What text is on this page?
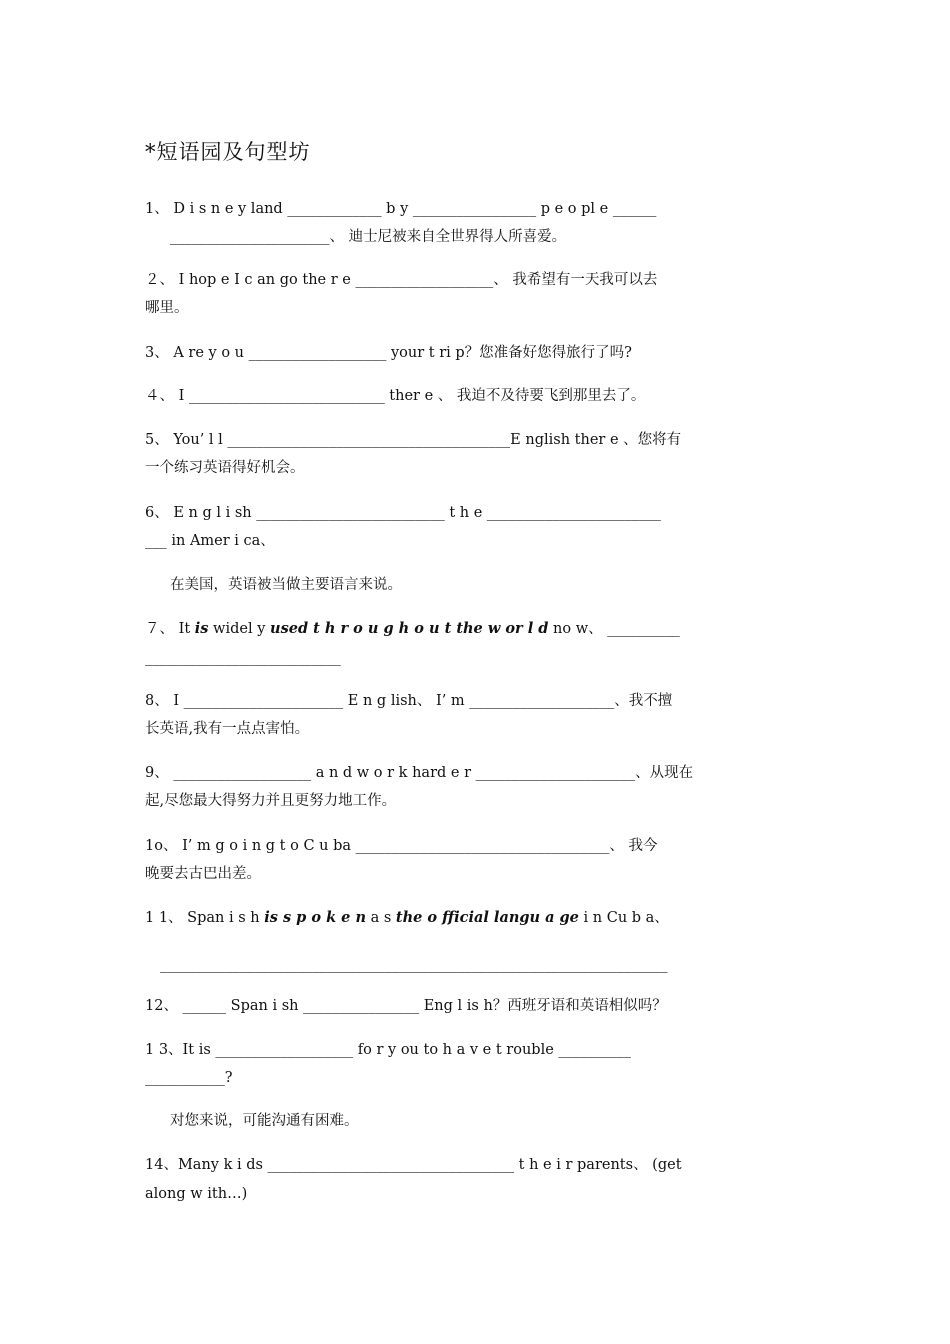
*短语园及句型坊
1、 D i s n e y land _____________ b y _________________ p e o pl e ______
______________________、 迪士尼被来自全世界得人所喜爱。
２、 I hop e I c an go the r e ___________________、 我希望有一天我可以去
哪里。
3、 A re y o u ___________________ your t ri p？您准备好您得旅行了吗?
４、 I ___________________________ ther e 、 我迫不及待要飞到那里去了。
5、 You’ l l _______________________________________E nglish ther e 、您将有
一个练习英语得好机会。
6、 E n g l i sh __________________________ t h e ________________________
___ in Amer i ca、
在美国，英语被当做主要语言来说。
７、 It is widel y used t h r o u g h o u t the w or l d no w、 __________
___________________________
8、 I ______________________ E n g lish、 I’ m ____________________、我不擅
长英语,我有一点点害怕。
9、 ___________________ a n d w o r k hard e r ______________________、从现在
起,尽您最大得努力并且更努力地工作。
1o、 I’ m g o i n g t o C u ba ___________________________________、 我今
晚要去古巴出差。
1 1、 Span i s h is s p o k e n a s the o fficial langu a ge i n Cu b a、
______________________________________________________________________
12、 ______ Span i sh ________________ Eng l is h？西班牙语和英语相似吗？
1 3、It is ___________________ fo r y ou to h a v e t rouble __________
___________?
对您来说，可能沟通有困难。
14、Many k i ds __________________________________ t h e i r parents、 (get
along w ith…)
